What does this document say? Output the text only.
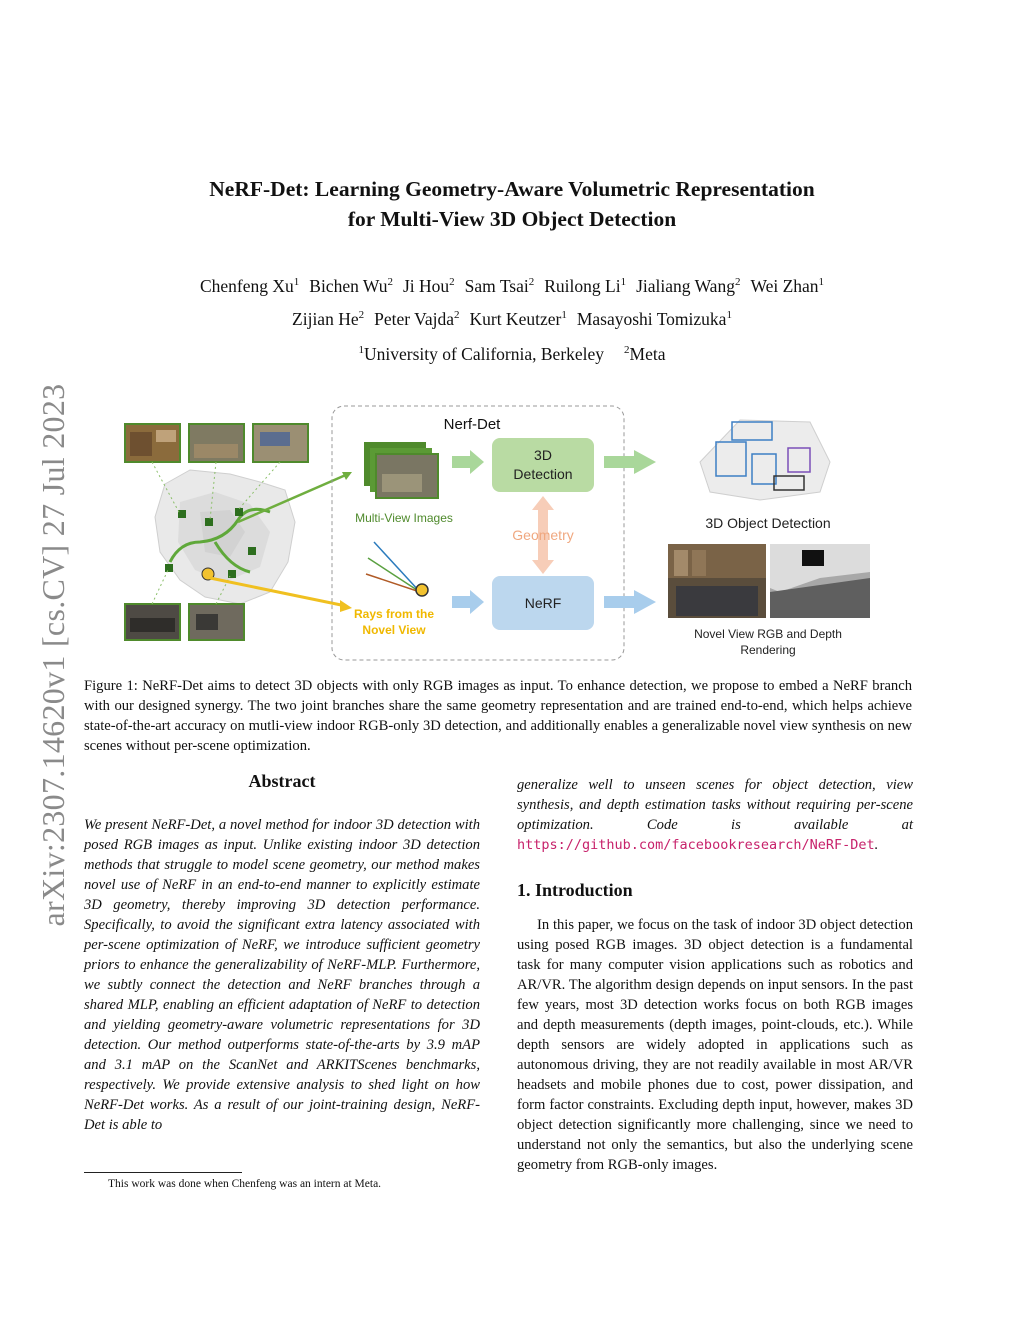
arXiv:2307.14620v1 [cs.CV] 27 Jul 2023
NeRF-Det: Learning Geometry-Aware Volumetric Representation
for Multi-View 3D Object Detection
Chenfeng Xu$^1$ Bichen Wu$^2$ Ji Hou$^2$ Sam Tsai$^2$ Ruilong Li$^1$ Jialiang Wang$^2$ Wei Zhan$^1$
Zijian He$^2$ Peter Vajda$^2$ Kurt Keutzer$^1$ Masayoshi Tomizuka$^1$
$^1$University of California, Berkeley $^2$Meta
Nerf-Det
Multi-View Images
Rays from the
Novel View
3D
Detection
Geometry
NeRF
3D Object Detection
Novel View RGB and Depth
Rendering
Figure 1: NeRF-Det aims to detect 3D objects with only RGB images as input. To enhance detection, we propose to embed a NeRF branch with our designed synergy. The two joint branches share the same geometry representation and are trained end-to-end, which helps achieve state-of-the-art accuracy on mutli-view indoor RGB-only 3D detection, and additionally enables a generalizable novel view synthesis on new scenes without per-scene optimization.
Abstract
We present NeRF-Det, a novel method for indoor 3D detection with posed RGB images as input. Unlike existing indoor 3D detection methods that struggle to model scene geometry, our method makes novel use of NeRF in an end-to-end manner to explicitly estimate 3D geometry, thereby improving 3D detection performance. Specifically, to avoid the significant extra latency associated with per-scene optimization of NeRF, we introduce sufficient geometry priors to enhance the generalizability of NeRF-MLP. Furthermore, we subtly connect the detection and NeRF branches through a shared MLP, enabling an efficient adaptation of NeRF to detection and yielding geometry-aware volumetric representations for 3D detection. Our method outperforms state-of-the-arts by 3.9 mAP and 3.1 mAP on the ScanNet and ARKITScenes benchmarks, respectively. We provide extensive analysis to shed light on how NeRF-Det works. As a result of our joint-training design, NeRF-Det is able to
generalize well to unseen scenes for object detection, view synthesis, and depth estimation tasks without requiring per-scene optimization. Code is available at https://github.com/facebookresearch/NeRF-Det.
1. Introduction
In this paper, we focus on the task of indoor 3D object detection using posed RGB images. 3D object detection is a fundamental task for many computer vision applications such as robotics and AR/VR. The algorithm design depends on input sensors. In the past few years, most 3D detection works focus on both RGB images and depth measurements (depth images, point-clouds, etc.). While depth sensors are widely adopted in applications such as autonomous driving, they are not readily available in most AR/VR headsets and mobile phones due to cost, power dissipation, and form factor constraints. Excluding depth input, however, makes 3D object detection significantly more challenging, since we need to understand not only the semantics, but also the underlying scene geometry from RGB-only images.
This work was done when Chenfeng was an intern at Meta.
